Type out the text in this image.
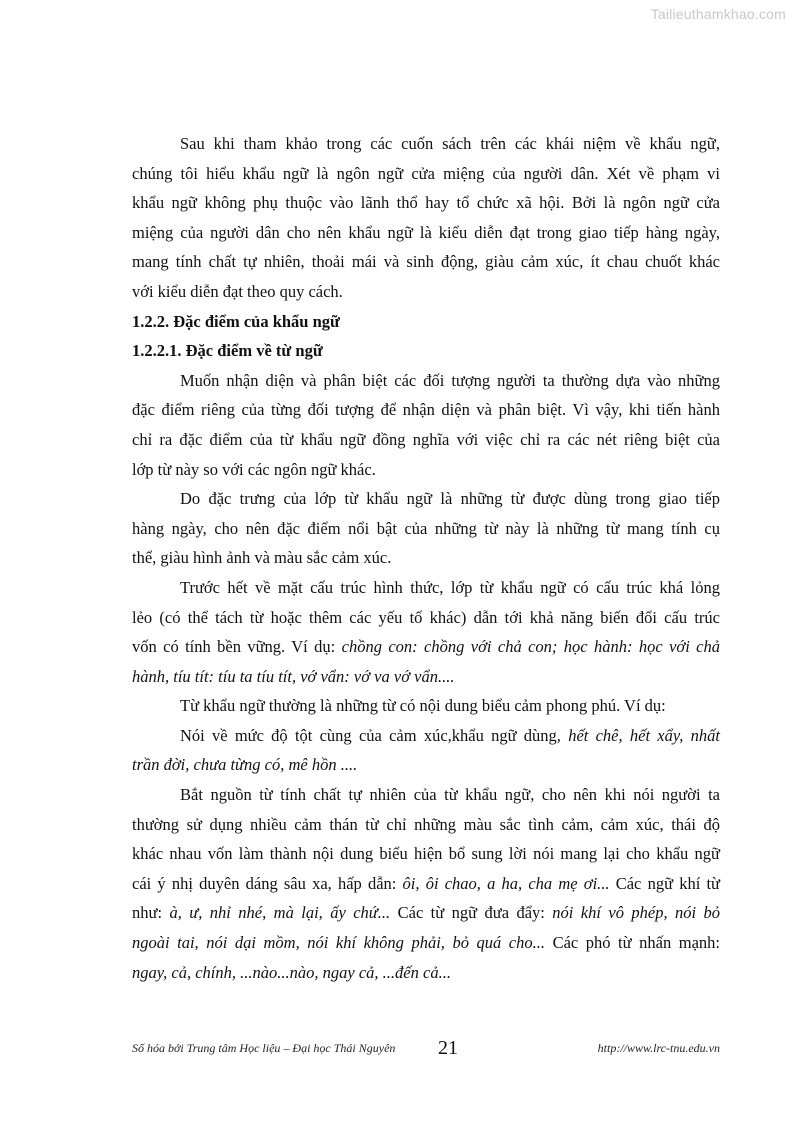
Tailieuthamkhao.com
Sau khi tham khảo trong các cuốn sách trên các khái niệm về khẩu ngữ,
chúng tôi hiểu khẩu ngữ là ngôn ngữ cửa miệng của người dân. Xét về phạm vi
khẩu ngữ không phụ thuộc vào lãnh thổ hay tổ chức xã hội. Bởi là ngôn ngữ cửa
miệng của người dân cho nên khẩu ngữ là kiểu diễn đạt trong giao tiếp hàng ngày,
mang tính chất tự nhiên, thoải mái và sinh động, giàu cảm xúc, ít chau chuốt khác
với kiểu diễn đạt theo quy cách.
1.2.2. Đặc điểm của khẩu ngữ
1.2.2.1. Đặc điểm về từ ngữ
Muốn nhận diện và phân biệt các đối tượng người ta thường dựa vào những
đặc điểm riêng của từng đối tượng để nhận diện và phân biệt. Vì vậy, khi tiến hành
chỉ ra đặc điểm của từ khẩu ngữ đồng nghĩa với việc chỉ ra các nét riêng biệt của
lớp từ này so với các ngôn ngữ khác.
Do đặc trưng của lớp từ khẩu ngữ là những từ được dùng trong giao tiếp
hàng ngày, cho nên đặc điểm nổi bật của những từ này là những từ mang tính cụ
thể, giàu hình ảnh và màu sắc cảm xúc.
Trước hết về mặt cấu trúc hình thức, lớp từ khẩu ngữ có cấu trúc khá lỏng
lẻo (có thể tách từ hoặc thêm các yếu tố khác) dẫn tới khả năng biến đổi cấu trúc
vốn có tính bền vững. Ví dụ: chồng con: chồng với chả con; học hành: học với chả
hành, tíu tít: tíu ta tíu tít, vớ vẩn: vớ va vớ vẩn....
Từ khẩu ngữ thường là những từ có nội dung biểu cảm phong phú. Ví dụ:
Nói về mức độ tột cùng của cảm xúc,khẩu ngữ dùng, hết chê, hết xẩy, nhất
trần đời, chưa từng có, mê hồn ....
Bắt nguồn từ tính chất tự nhiên của từ khẩu ngữ, cho nên khi nói người ta
thường sử dụng nhiều cảm thán từ chỉ những màu sắc tình cảm, cảm xúc, thái độ
khác nhau vốn làm thành nội dung biểu hiện bổ sung lời nói mang lại cho khẩu ngữ
cái ý nhị duyên dáng sâu xa, hấp dẫn: ôi, ôi chao, a ha, cha mẹ ơi... Các ngữ khí từ
như: à, ư, nhỉ nhé, mà lại, ấy chứ... Các từ ngữ đưa đẩy: nói khí vô phép, nói bỏ
ngoài tai, nói dại mồm, nói khí không phải, bỏ quá cho... Các phó từ nhấn mạnh:
ngay, cả, chính, ...nào...nào, ngay cả, ...đến cả...
Số hóa bởi Trung tâm Học liệu – Đại học Thái Nguyên 21	http://www.lrc-tnu.edu.vn
